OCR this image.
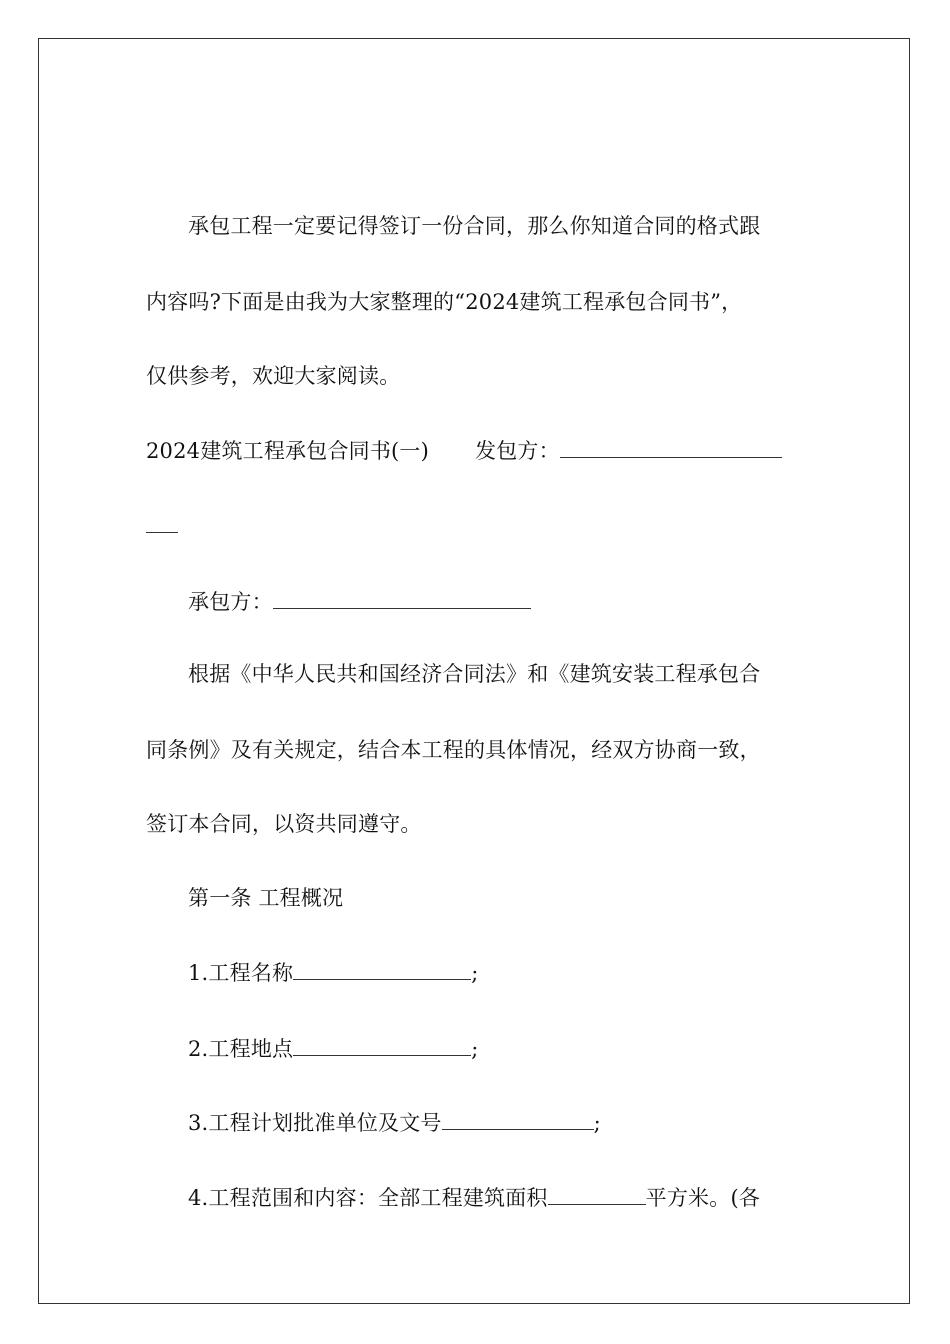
承包工程一定要记得签订一份合同，那么你知道合同的格式跟
内容吗?下面是由我为大家整理的“2024建筑工程承包合同书”，
仅供参考，欢迎大家阅读。
2024建筑工程承包合同书(一) 发包方：
承包方：
根据《中华人民共和国经济合同法》和《建筑安装工程承包合
同条例》及有关规定，结合本工程的具体情况，经双方协商一致，
签订本合同，以资共同遵守。
第一条 工程概况
1.工程名称	;
2.工程地点	;
3.工程计划批准单位及文号	;
4.工程范围和内容：全部工程建筑面积	平方米。(各
